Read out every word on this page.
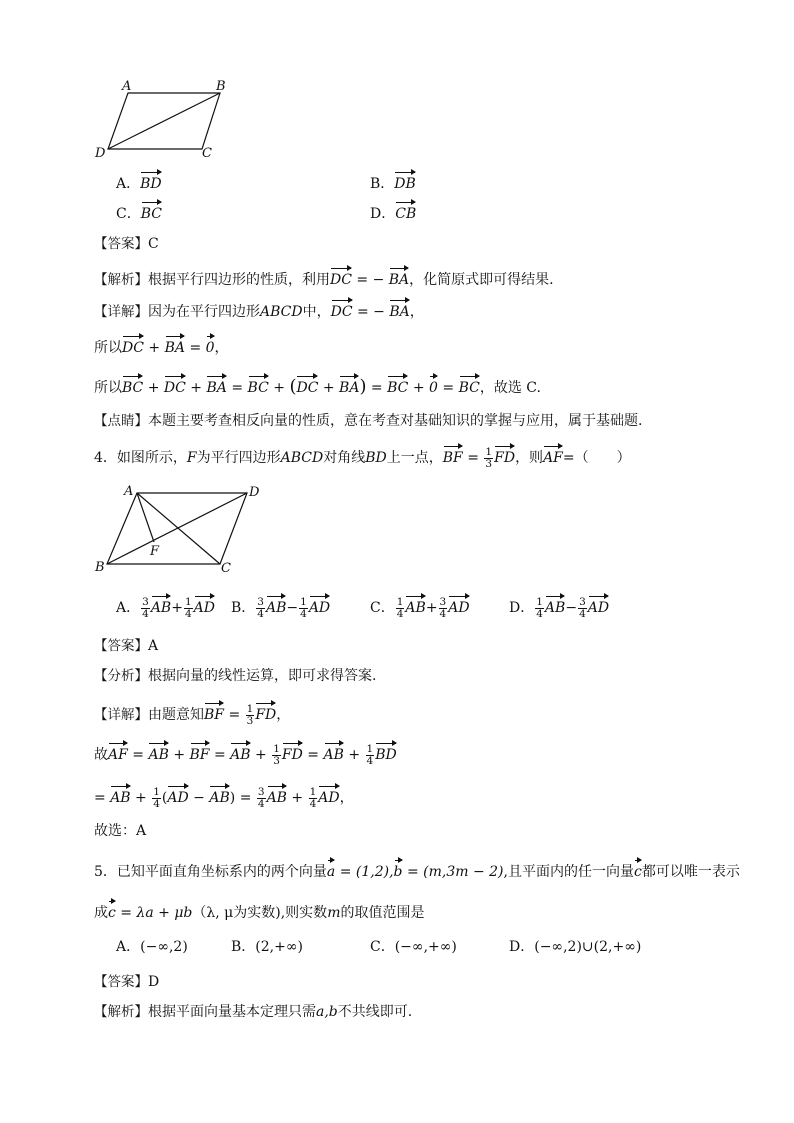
A	B
C
D
A．BD	B．DB
C．BC	D．CB
【答案】C
【解析】根据平行四边形的性质，利用DC = − BA，化简原式即可得结果.
【详解】因为在平行四边形ABCD中，DC = − BA，
所以DC + BA = 0，
所以BC + DC + BA = BC + (DC + BA) = BC + 0 = BC，故选 C.
【点睛】本题主要考查相反向量的性质，意在考查对基础知识的掌握与应用，属于基础题.
4．如图所示，F为平行四边形ABCD对角线BD上一点，BF = $\frac{1}{3}$ FD，则AF=（　　）
A	D
B	C
F
A． $\frac{3}{4} AB+ \frac{1}{4}$ AD B． $\frac{3}{4} AB- \frac{1}{4}$ AD	C． $\frac{1}{4} AB+ \frac{3}{4}$ AD	D． $\frac{1}{4} AB- \frac{3}{4}$ AD
【答案】A
【分析】根据向量的线性运算，即可求得答案.
【详解】由题意知BF = $\frac{1}{3}$ FD，
故AF = AB + BF = AB + $\frac{1}{3}$ FD = AB + $\frac{1}{4}$ BD
= AB + $\frac{1}{4} (AD - AB) = \frac{3}{4}$ AB + $\frac{1}{4}$ AD，
故选：A
5．已知平面直角坐标系内的两个向量a = (1,2),b = (m,3m − 2),且平面内的任一向量c都可以唯一表示
成c = λa + μb（λ, μ为实数),则实数m的取值范围是
A．(−∞,2)	B．(2,+∞)	C．(−∞,+∞)	D．(−∞,2)∪(2,+∞)
【答案】D
【解析】根据平面向量基本定理只需a,b不共线即可.
